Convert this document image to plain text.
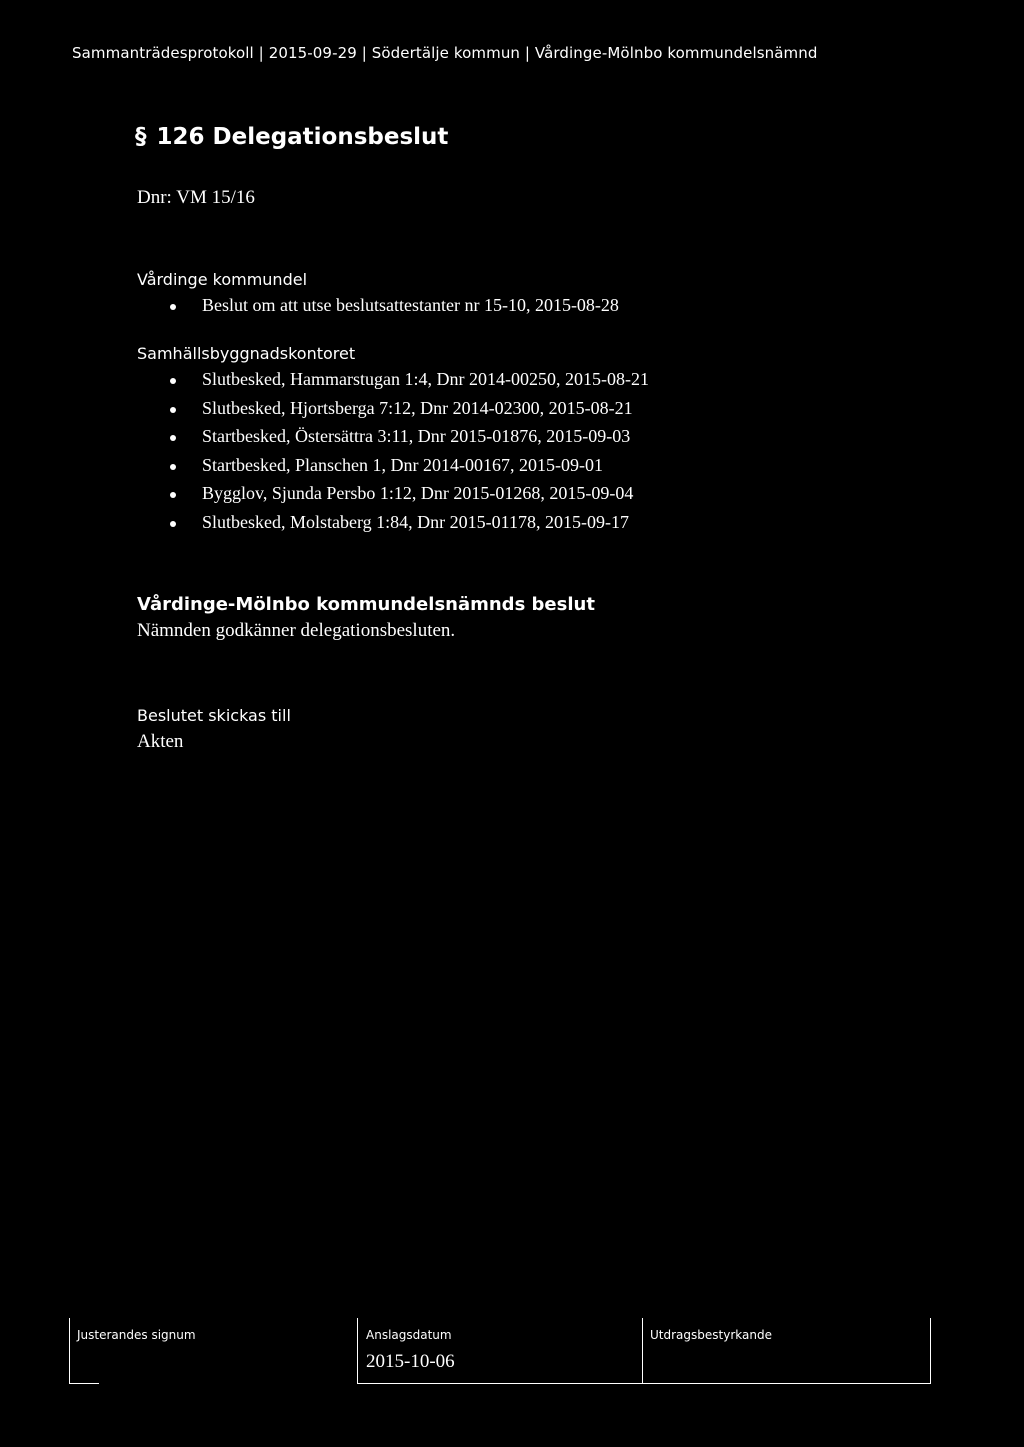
Sammanträdesprotokoll | 2015-09-29 | Södertälje kommun | Vårdinge-Mölnbo kommundelsnämnd
§ 126 Delegationsbeslut
Dnr: VM 15/16
Vårdinge kommundel
Beslut om att utse beslutsattestanter nr 15-10, 2015-08-28
Samhällsbyggnadskontoret
Slutbesked, Hammarstugan 1:4, Dnr 2014-00250, 2015-08-21
Slutbesked, Hjortsberga 7:12, Dnr 2014-02300, 2015-08-21
Startbesked, Östersättra 3:11, Dnr 2015-01876, 2015-09-03
Startbesked, Planschen 1, Dnr 2014-00167, 2015-09-01
Bygglov, Sjunda Persbo 1:12, Dnr 2015-01268, 2015-09-04
Slutbesked, Molstaberg 1:84, Dnr 2015-01178, 2015-09-17
Vårdinge-Mölnbo kommundelsnämnds beslut
Nämnden godkänner delegationsbesluten.
Beslutet skickas till
Akten
Justerandes signum	Anslagsdatum
2015-10-06
Utdragsbestyrkande
